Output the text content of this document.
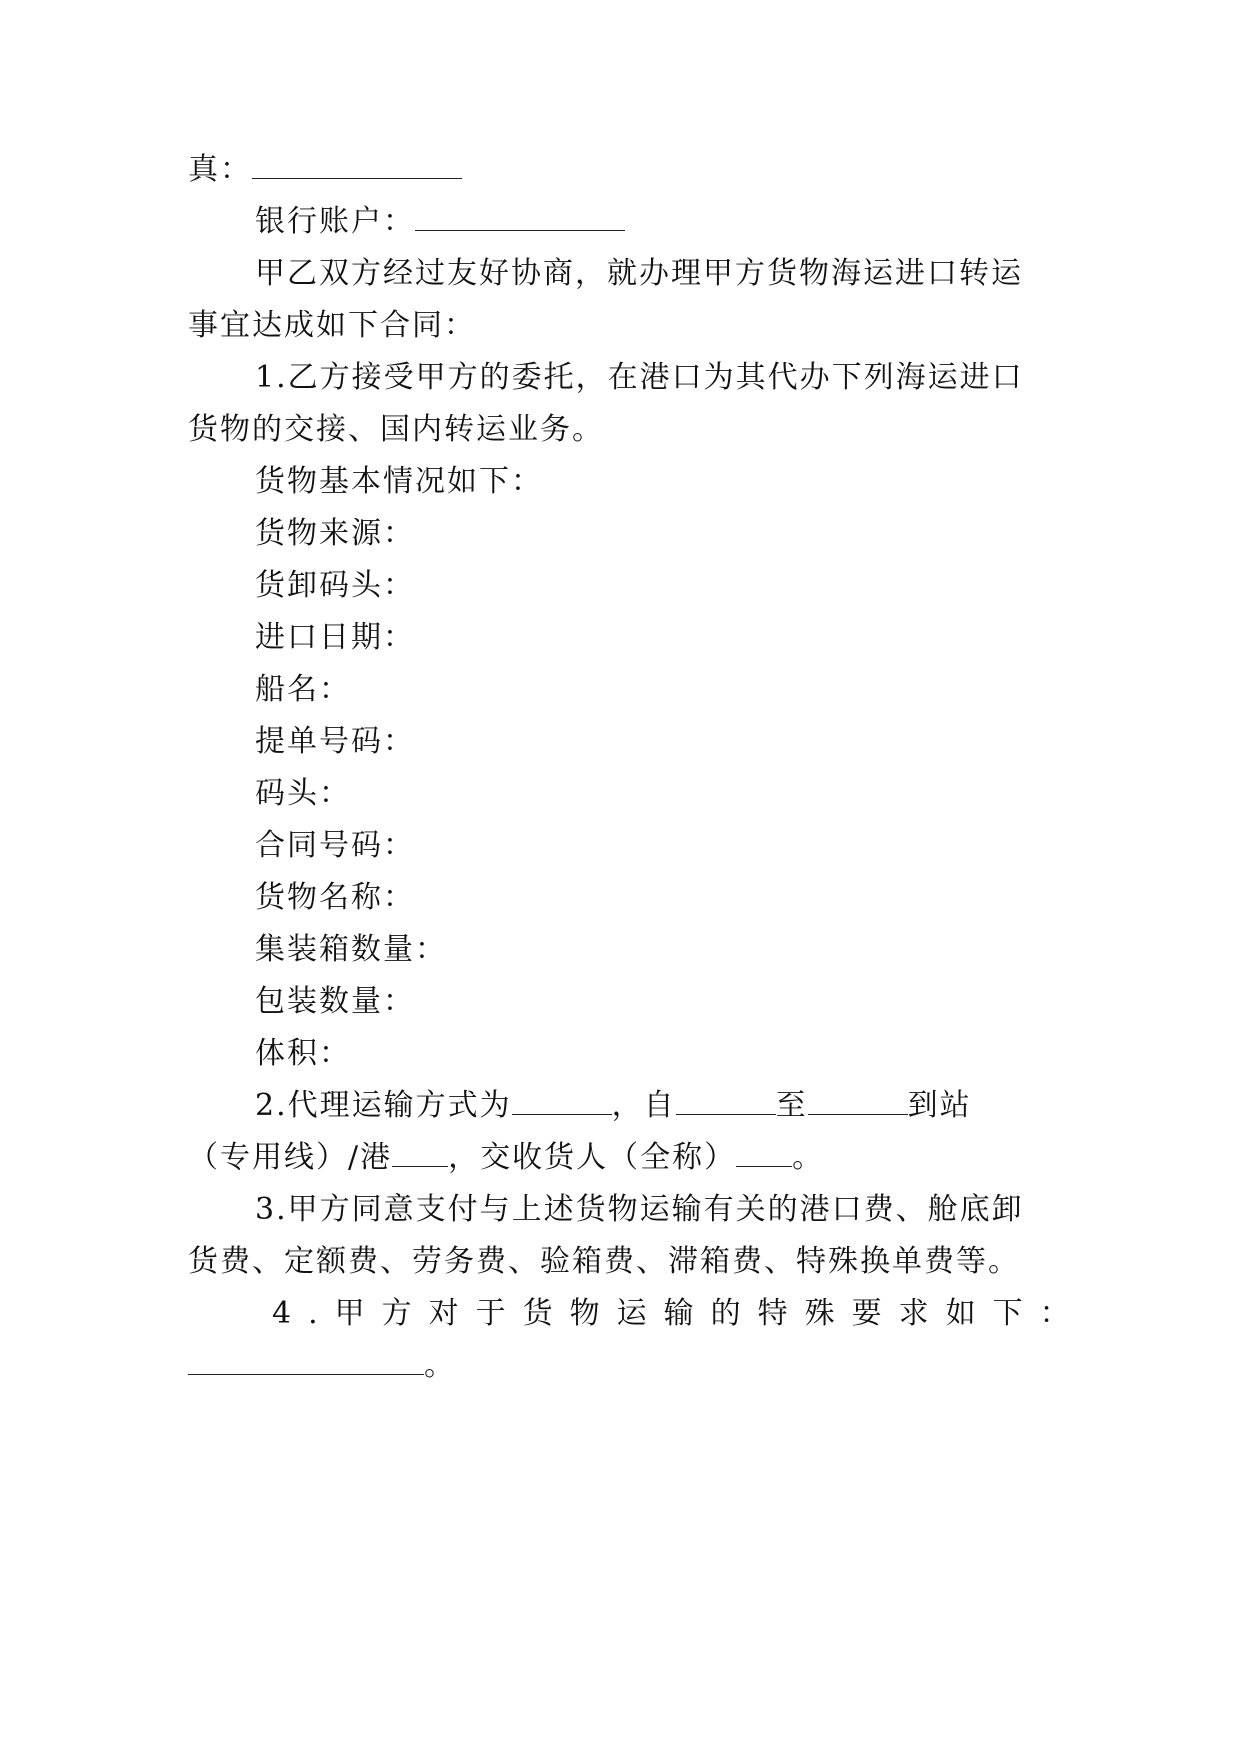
真：
银行账户：
甲乙双方经过友好协商，就办理甲方货物海运进口转运
事宜达成如下合同：
1.乙方接受甲方的委托，在港口为其代办下列海运进口
货物的交接、国内转运业务。
货物基本情况如下：
货物来源：
货卸码头：
进口日期：
船名：
提单号码：
码头：
合同号码：
货物名称：
集装箱数量：
包装数量：
体积：
2.代理运输方式为	，自	至	到站
（专用线）/港 ，交收货人（全称） 。
3.甲方同意支付与上述货物运输有关的港口费、舱底卸
货费、定额费、劳务费、验箱费、滞箱费、特殊换单费等。
4.甲方对于货物运输的特殊要求如下：
。
